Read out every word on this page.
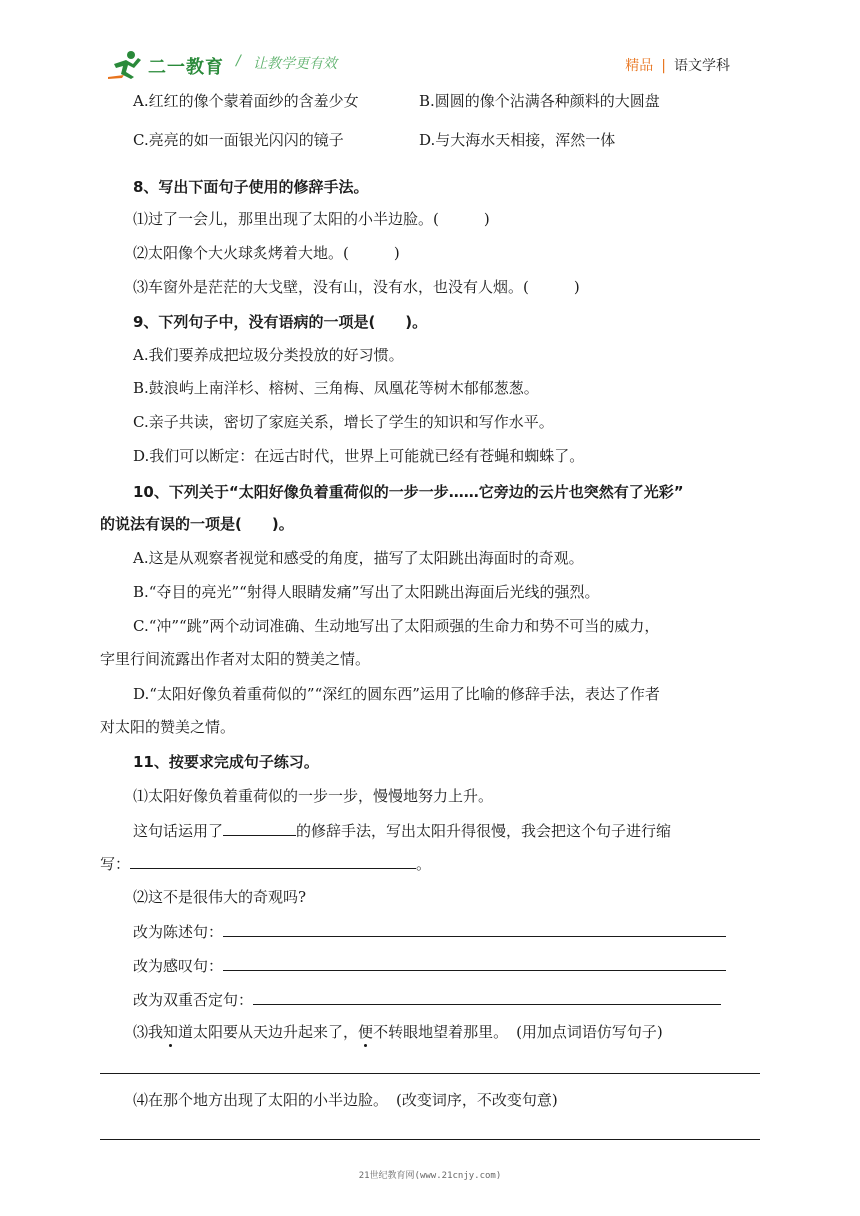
二一教育 / 让教学更有效	精品 | 语文学科
A.红红的像个蒙着面纱的含羞少女	B.圆圆的像个沾满各种颜料的大圆盘
C.亮亮的如一面银光闪闪的镜子	D.与大海水天相接，浑然一体
8、写出下面句子使用的修辞手法。
⑴过了一会儿，那里出现了太阳的小半边脸。(　　　)
⑵太阳像个大火球炙烤着大地。(　　　)
⑶车窗外是茫茫的大戈壁，没有山，没有水，也没有人烟。(　　　)
9、下列句子中，没有语病的一项是(　　)。
A.我们要养成把垃圾分类投放的好习惯。
B.鼓浪屿上南洋杉、榕树、三角梅、凤凰花等树木郁郁葱葱。
C.亲子共读，密切了家庭关系，增长了学生的知识和写作水平。
D.我们可以断定：在远古时代，世界上可能就已经有苍蝇和蜘蛛了。
10、下列关于“太阳好像负着重荷似的一步一步……它旁边的云片也突然有了光彩”
的说法有误的一项是(　　)。
A.这是从观察者视觉和感受的角度，描写了太阳跳出海面时的奇观。
B.“夺目的亮光”“射得人眼睛发痛”写出了太阳跳出海面后光线的强烈。
C.“冲”“跳”两个动词准确、生动地写出了太阳顽强的生命力和势不可当的威力，
字里行间流露出作者对太阳的赞美之情。
D.“太阳好像负着重荷似的”“深红的圆东西”运用了比喻的修辞手法，表达了作者
对太阳的赞美之情。
11、按要求完成句子练习。
⑴太阳好像负着重荷似的一步一步，慢慢地努力上升。
这句话运用了	的修辞手法，写出太阳升得很慢，我会把这个句子进行缩
写：	。
⑵这不是很伟大的奇观吗?
改为陈述句：
改为感叹句：
改为双重否定句：
⑶我知道太阳要从天边升起来了，便不转眼地望着那里。 (用加点词语仿写句子)
⑷在那个地方出现了太阳的小半边脸。 (改变词序，不改变句意)
21世纪教育网(www.21cnjy.com)
